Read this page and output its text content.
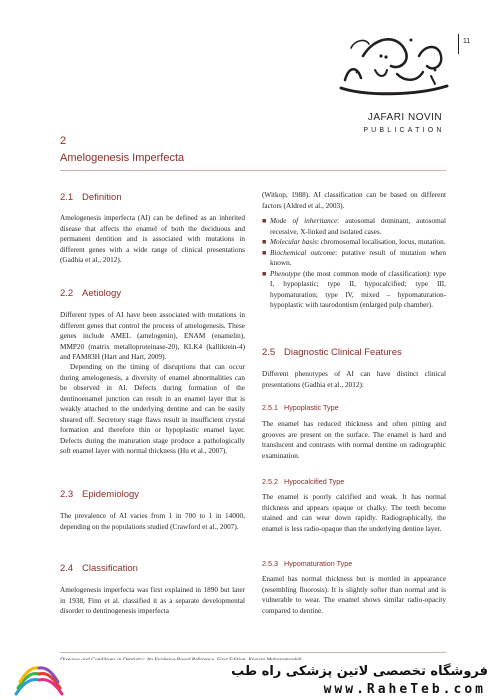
11
JAFARI NOVIN
PUBLICATION
2
Amelogenesis Imperfecta
2.1 Definition
Amelogenesis imperfecta (AI) can be defined as an inherited disease that affects the enamel of both the deciduous and permanent dentition and is associated with mutations in different genes with a wide range of clinical presentations (Gadhia et al., 2012).
2.2 Aetiology
Different types of AI have been associated with mutations in different genes that control the process of amelogenesis. These genes include AMEL (amelogenin), ENAM (enamelin), MMP20 (matrix metalloproteinase-20), KLK4 (kallikrein-4) and FAM83H (Hart and Hart, 2009).
Depending on the timing of disruptions that can occur during amelogenesis, a diversity of enamel abnormalities can be observed in AI. Defects during formation of the dentinoenamel junction can result in an enamel layer that is weakly attached to the underlying dentine and can be easily sheared off. Secretory stage flaws result in insufficient crystal formation and therefore thin or hypoplastic enamel layer. Defects during the maturation stage produce a pathologically soft enamel layer with normal thickness (Hu et al., 2007).
2.3 Epidemiology
The prevalence of AI varies from 1 in 700 to 1 in 14000, depending on the populations studied (Crawford et al., 2007).
2.4 Classification
Amelogenesis imperfecta was first explained in 1890 but later in 1938, Finn et al. classified it as a separate developmental disorder to dentinogenesis imperfecta
(Witkop, 1988). AI classification can be based on different factors (Aldred et al., 2003).
■ Mode of inheritance: autosomal dominant, autosomal recessive, X-linked and isolated cases.
■ Molecular basis: chromosomal localisation, locus, mutation.
■ Biochemical outcome: putative result of mutation when known.
■ Phenotype (the most common mode of classification): type I, hypoplastic; type II, hypocalcified; type III, hypomaturation; type IV, mixed – hypomaturation-hypoplastic with taurodontism (enlarged pulp chamber).
2.5 Diagnostic Clinical Features
Different phenotypes of AI can have distinct clinical presentations (Gadhia et al., 2012):
2.5.1 Hypoplastic Type
The enamel has reduced thickness and often pitting and grooves are present on the surface. The enamel is hard and translucent and contrasts with normal dentine on radiographic examination.
2.5.2 Hypocalcified Type
The enamel is poorly calcified and weak. It has normal thickness and appears opaque or chalky. The teeth become stained and can wear down rapidly. Radiographically, the enamel is less radio-opaque than the underlying dentine layer.
2.5.3 Hypomaturation Type
Enamel has normal thickness but is mottled in appearance (resembling fluorosis). It is slightly softer than normal and is vulnerable to wear. The enamel shows similar radio-opacity compared to dentine.
فروشگاه تخصصی لاتین پزشکی راه طب
www.RaheTeb.com
